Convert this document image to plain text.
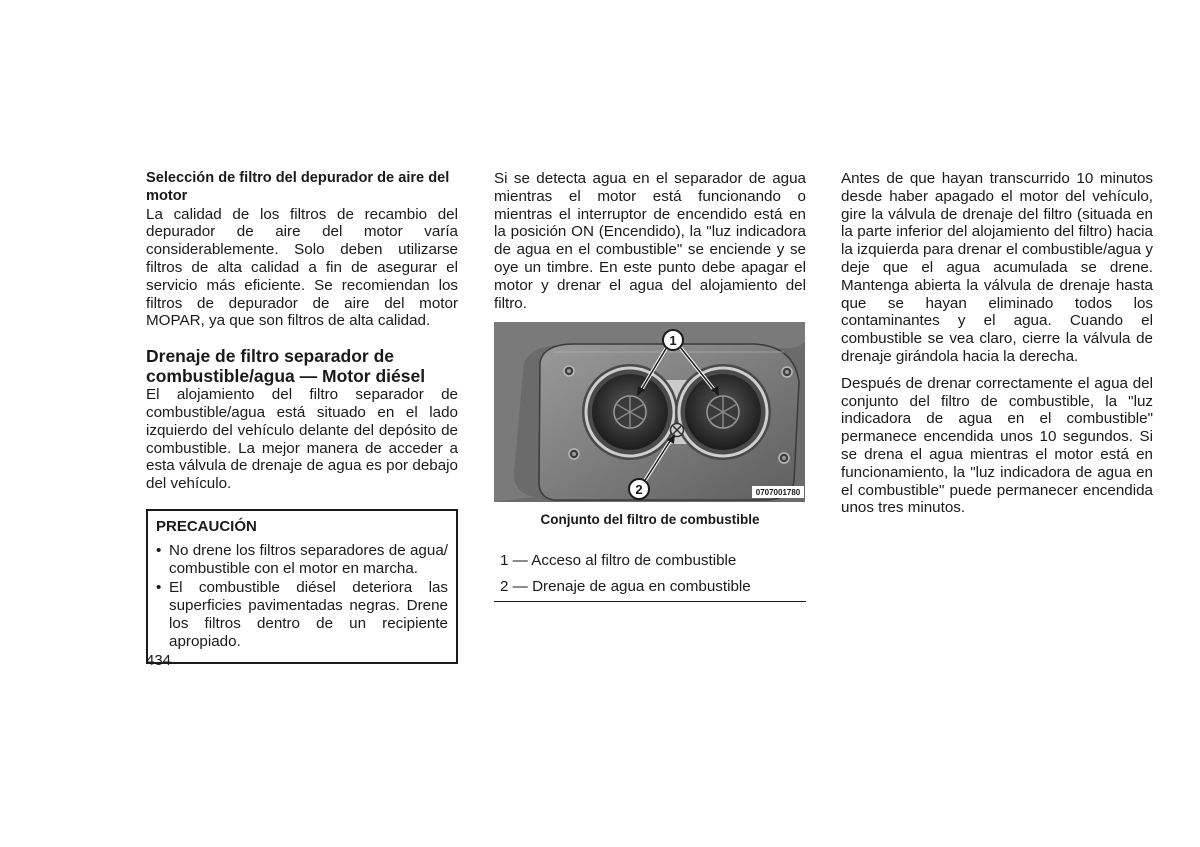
Selección de filtro del depurador de aire del motor

La calidad de los filtros de recambio del depurador de aire del motor varía considerablemente. Solo deben utilizarse filtros de alta calidad a fin de asegurar el servicio más eficiente. Se recomiendan los filtros de depurador de aire del motor MOPAR, ya que son filtros de alta calidad.

Drenaje de filtro separador de combustible/agua — Motor diésel

El alojamiento del filtro separador de combustible/agua está situado en el lado izquierdo del vehículo delante del depósito de combustible. La mejor manera de acceder a esta válvula de drenaje de agua es por debajo del vehículo.

PRECAUCIÓN

• No drene los filtros separadores de agua/ combustible con el motor en marcha.
• El combustible diésel deteriora las superficies pavimentadas negras. Drene los filtros dentro de un recipiente apropiado.

Si se detecta agua en el separador de agua mientras el motor está funcionando o mientras el interruptor de encendido está en la posición ON (Encendido), la "luz indicadora de agua en el combustible" se enciende y se oye un timbre. En este punto debe apagar el motor y drenar el agua del alojamiento del filtro.

1
2	0707001780
Conjunto del filtro de combustible
1 — Acceso al filtro de combustible
2 — Drenaje de agua en combustible

Antes de que hayan transcurrido 10 minutos desde haber apagado el motor del vehículo, gire la válvula de drenaje del filtro (situada en la parte inferior del alojamiento del filtro) hacia la izquierda para drenar el combustible/agua y deje que el agua acumulada se drene. Mantenga abierta la válvula de drenaje hasta que se hayan eliminado todos los contaminantes y el agua. Cuando el combustible se vea claro, cierre la válvula de drenaje girándola hacia la derecha.

Después de drenar correctamente el agua del conjunto del filtro de combustible, la "luz indicadora de agua en el combustible" permanece encendida unos 10 segundos. Si se drena el agua mientras el motor está en funcionamiento, la "luz indicadora de agua en el combustible" puede permanecer encendida unos tres minutos.

434
